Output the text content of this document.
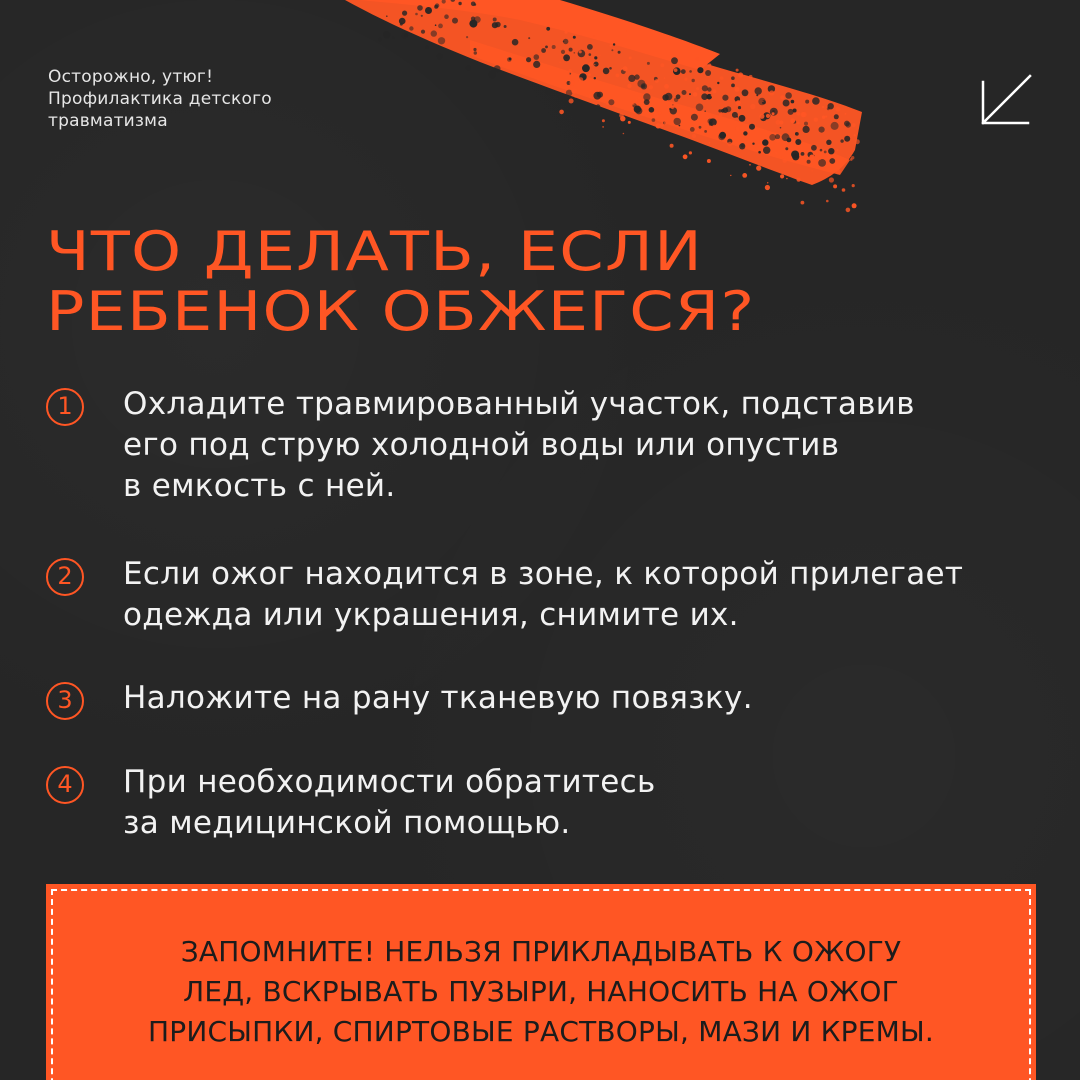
Осторожно, утюг!
Профилактика детского
травматизма
ЧТО ДЕЛАТЬ, ЕСЛИ
РЕБЕНОК ОБЖЕГСЯ?
1	Охладите травмированный участок, подставив
его под струю холодной воды или опустив
в емкость с ней.
2	Если ожог находится в зоне, к которой прилегает
одежда или украшения, снимите их.
3	Наложите на рану тканевую повязку.
4	При необходимости обратитесь
за медицинской помощью.
ЗАПОМНИТЕ! НЕЛЬЗЯ ПРИКЛАДЫВАТЬ К ОЖОГУ
ЛЕД, ВСКРЫВАТЬ ПУЗЫРИ, НАНОСИТЬ НА ОЖОГ
ПРИСЫПКИ, СПИРТОВЫЕ РАСТВОРЫ, МАЗИ И КРЕМЫ.
